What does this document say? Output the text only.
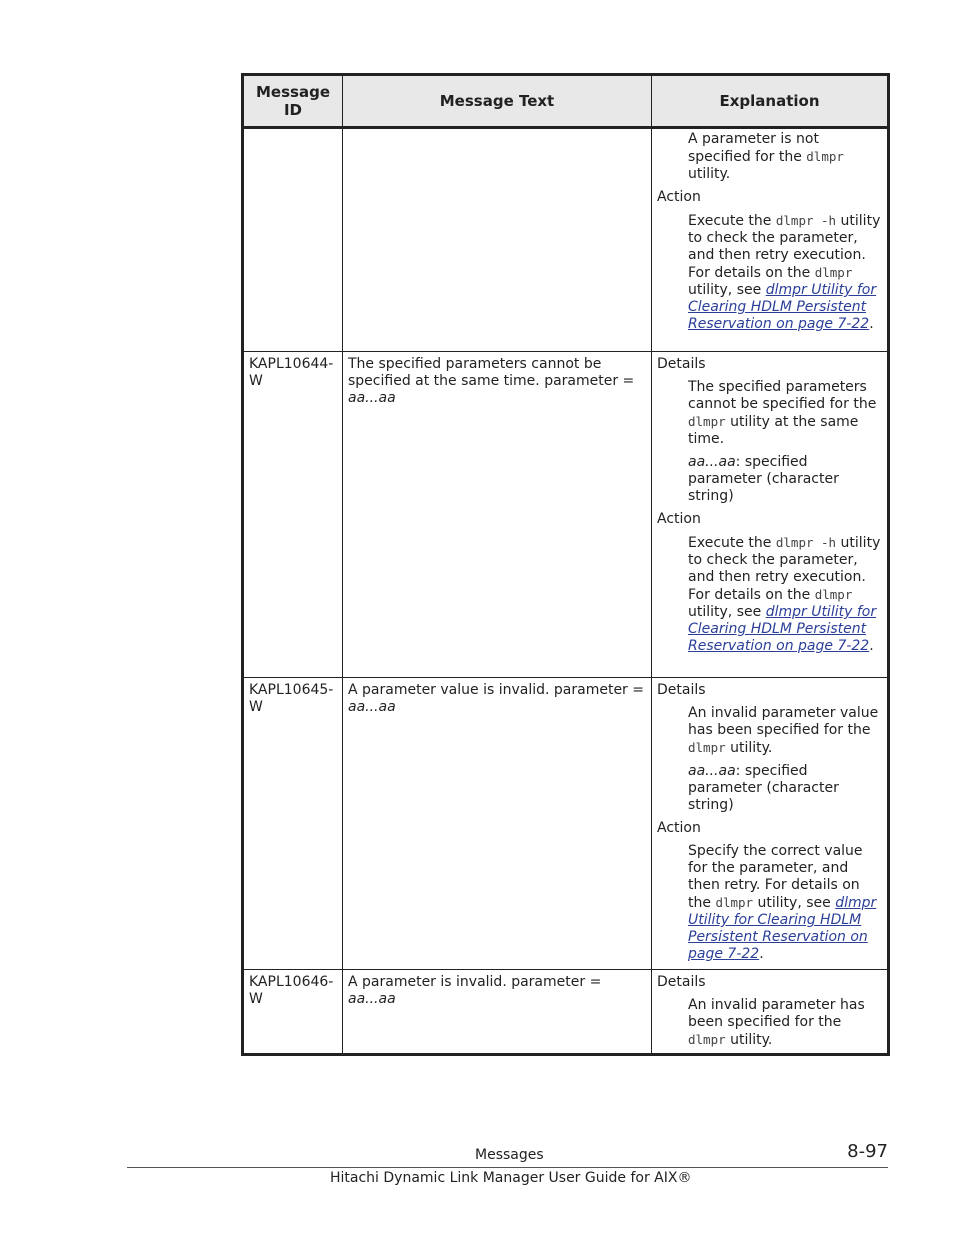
Message ID	Message Text	Explanation

		A parameter is not specified for the dlmpr utility.
Action
Execute the dlmpr -h utility to check the parameter, and then retry execution. For details on the dlmpr utility, see dlmpr Utility for Clearing HDLM Persistent Reservation on page 7-22.

KAPL10644-W	The specified parameters cannot be specified at the same time. parameter = aa...aa	Details
The specified parameters cannot be specified for the dlmpr utility at the same time.
aa...aa: specified parameter (character string)
Action
Execute the dlmpr -h utility to check the parameter, and then retry execution. For details on the dlmpr utility, see dlmpr Utility for Clearing HDLM Persistent Reservation on page 7-22.

KAPL10645-W	A parameter value is invalid. parameter = aa...aa	Details
An invalid parameter value has been specified for the dlmpr utility.
aa...aa: specified parameter (character string)
Action
Specify the correct value for the parameter, and then retry. For details on the dlmpr utility, see dlmpr Utility for Clearing HDLM Persistent Reservation on page 7-22.

KAPL10646-W	A parameter is invalid. parameter = aa...aa	Details
An invalid parameter has been specified for the dlmpr utility.
Messages	8-97
Hitachi Dynamic Link Manager User Guide for AIX®
